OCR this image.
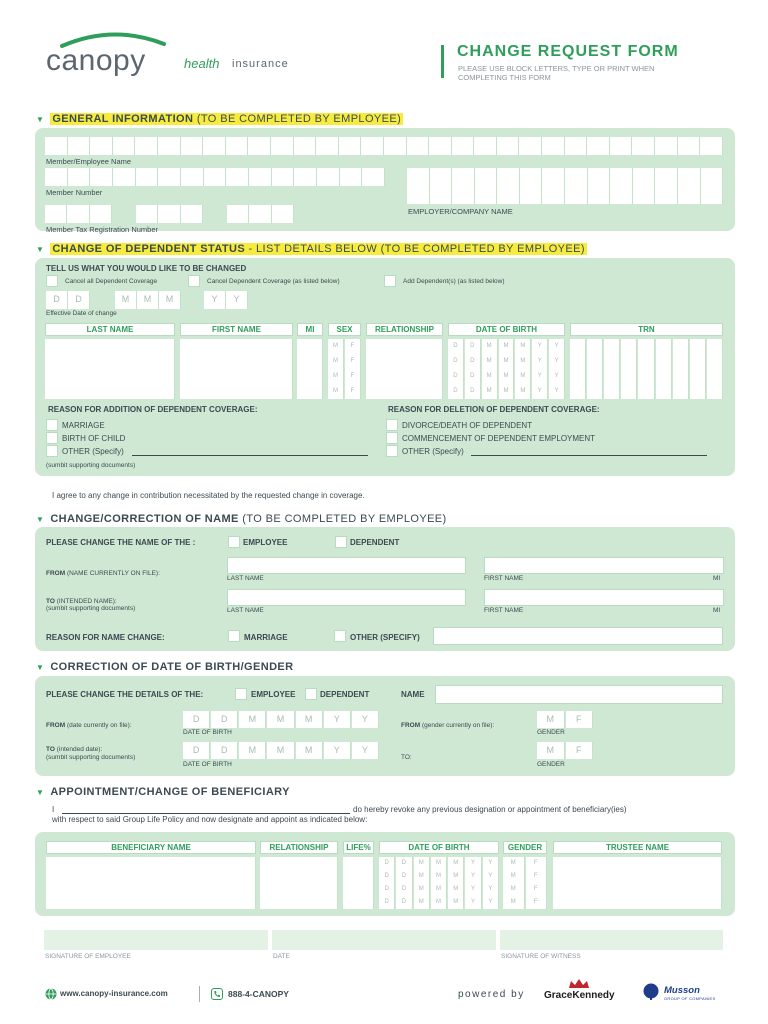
canopy	health insurance
CHANGE REQUEST FORM
PLEASE USE BLOCK LETTERS, TYPE OR PRINT WHEN COMPLETING THIS FORM
▼ GENERAL INFORMATION (TO BE COMPLETED BY EMPLOYEE)
Member/Employee Name
Member Number
EMPLOYER/COMPANY NAME
Member Tax Registration Number
▼ CHANGE OF DEPENDENT STATUS - LIST DETAILS BELOW (TO BE COMPLETED BY EMPLOYEE)
TELL US WHAT YOU WOULD LIKE TO BE CHANGED
Cancel all Dependent Coverage	Cancel Dependent Coverage (as listed below)	Add Dependent(s) (as listed below)
D	D	M	M	M	Y	Y
Effective Date of change
LAST NAME	FIRST NAME	MI	SEX	RELATIONSHIP	DATE OF BIRTH	TRN
M	F	D	D	M	M	M	Y	Y
M	F	D	D	M	M	M	Y	Y
M	F	D	D	M	M	M	Y	Y
M	F	D	D	M	M	M	Y	Y
REASON FOR ADDITION OF DEPENDENT COVERAGE:
MARRIAGE
BIRTH OF CHILD
OTHER (Specify)
(sumbit supporting documents)
REASON FOR DELETION OF DEPENDENT COVERAGE:
DIVORCE/DEATH OF DEPENDENT
COMMENCEMENT OF DEPENDENT EMPLOYMENT
OTHER (Specify)
I agree to any change in contribution necessitated by the requested change in coverage.
▼ CHANGE/CORRECTION OF NAME (TO BE COMPLETED BY EMPLOYEE)
PLEASE CHANGE THE NAME OF THE :	EMPLOYEE	DEPENDENT
FROM (NAME CURRENTLY ON FILE):
LAST NAME	FIRST NAME	MI
TO (INTENDED NAME):
(sumbit supporting documents)	LAST NAME	FIRST NAME	MI
REASON FOR NAME CHANGE:	MARRIAGE	OTHER (SPECIFY)
▼ CORRECTION OF DATE OF BIRTH/GENDER
PLEASE CHANGE THE DETAILS OF THE:	EMPLOYEE	DEPENDENT	NAME
FROM (date currently on file):
D	D	M	M	M	Y	Y
DATE OF BIRTH
FROM (gender currently on file):
M	F
GENDER
TO (intended date):
(sumbit supporting documents)
D	D	M	M	M	Y	Y
DATE OF BIRTH
TO:
M	F
GENDER
▼ APPOINTMENT/CHANGE OF BENEFICIARY
I	do hereby revoke any previous designation or appointment of beneficiary(ies)
with respect to said Group Life Policy and now designate and appoint as indicated below:
BENEFICIARY NAME	RELATIONSHIP	LIFE%	DATE OF BIRTH	GENDER	TRUSTEE NAME
D	D	M	M	M	Y	Y	M	F
D	D	M	M	M	Y	Y	M	F
D	D	M	M	M	Y	Y	M	F
D	D	M	M	M	Y	Y	M	F
SIGNATURE OF EMPLOYEE	DATE	SIGNATURE OF WITNESS
www.canopy-insurance.com	888-4-CANOPY	powered by GraceKennedy	Musson
GROUP OF COMPANIES
